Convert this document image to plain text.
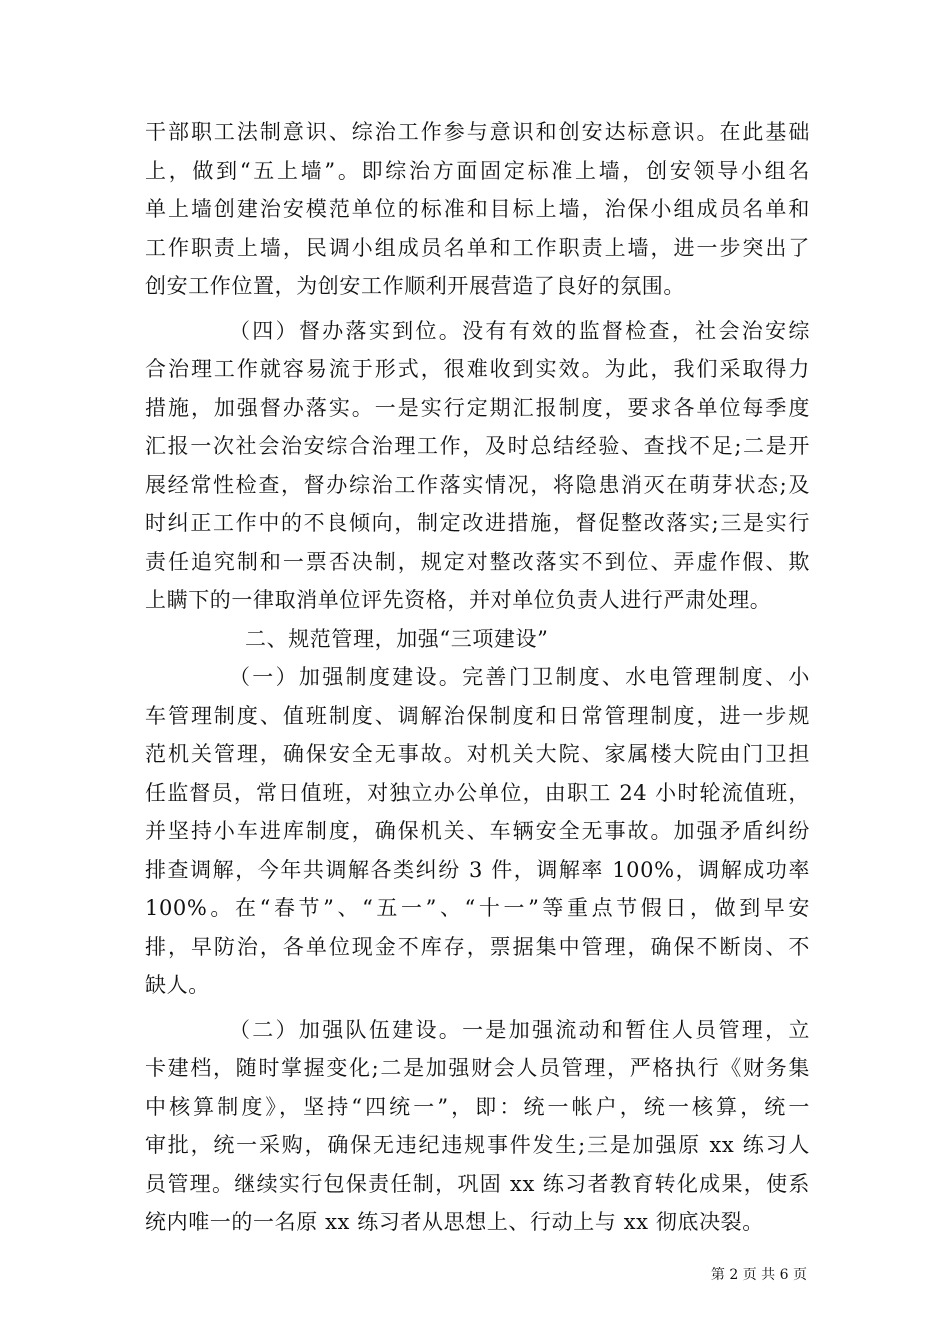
干部职工法制意识、综治工作参与意识和创安达标意识。在此基础
上，做到“五上墙”。即综治方面固定标准上墙，创安领导小组名
单上墙创建治安模范单位的标准和目标上墙，治保小组成员名单和
工作职责上墙，民调小组成员名单和工作职责上墙，进一步突出了
创安工作位置，为创安工作顺利开展营造了良好的氛围。
（四）督办落实到位。没有有效的监督检查，社会治安综
合治理工作就容易流于形式，很难收到实效。为此，我们采取得力
措施，加强督办落实。一是实行定期汇报制度，要求各单位每季度
汇报一次社会治安综合治理工作，及时总结经验、查找不足;二是开
展经常性检查，督办综治工作落实情况，将隐患消灭在萌芽状态;及
时纠正工作中的不良倾向，制定改进措施，督促整改落实;三是实行
责任追究制和一票否决制，规定对整改落实不到位、弄虚作假、欺
上瞒下的一律取消单位评先资格，并对单位负责人进行严肃处理。
二、规范管理，加强“三项建设”
（一）加强制度建设。完善门卫制度、水电管理制度、小
车管理制度、值班制度、调解治保制度和日常管理制度，进一步规
范机关管理，确保安全无事故。对机关大院、家属楼大院由门卫担
任监督员，常日值班，对独立办公单位，由职工 24 小时轮流值班，
并坚持小车进库制度，确保机关、车辆安全无事故。加强矛盾纠纷
排查调解，今年共调解各类纠纷 3 件，调解率 100%，调解成功率
100%。在“春节”、“五一”、“十一”等重点节假日，做到早安
排，早防治，各单位现金不库存，票据集中管理，确保不断岗、不
缺人。
（二）加强队伍建设。一是加强流动和暂住人员管理，立
卡建档，随时掌握变化;二是加强财会人员管理，严格执行《财务集
中核算制度》，坚持“四统一”，即：统一帐户，统一核算，统一
审批，统一采购，确保无违纪违规事件发生;三是加强原 xx 练习人
员管理。继续实行包保责任制，巩固 xx 练习者教育转化成果，使系
统内唯一的一名原 xx 练习者从思想上、行动上与 xx 彻底决裂。
第 2 页 共 6 页
